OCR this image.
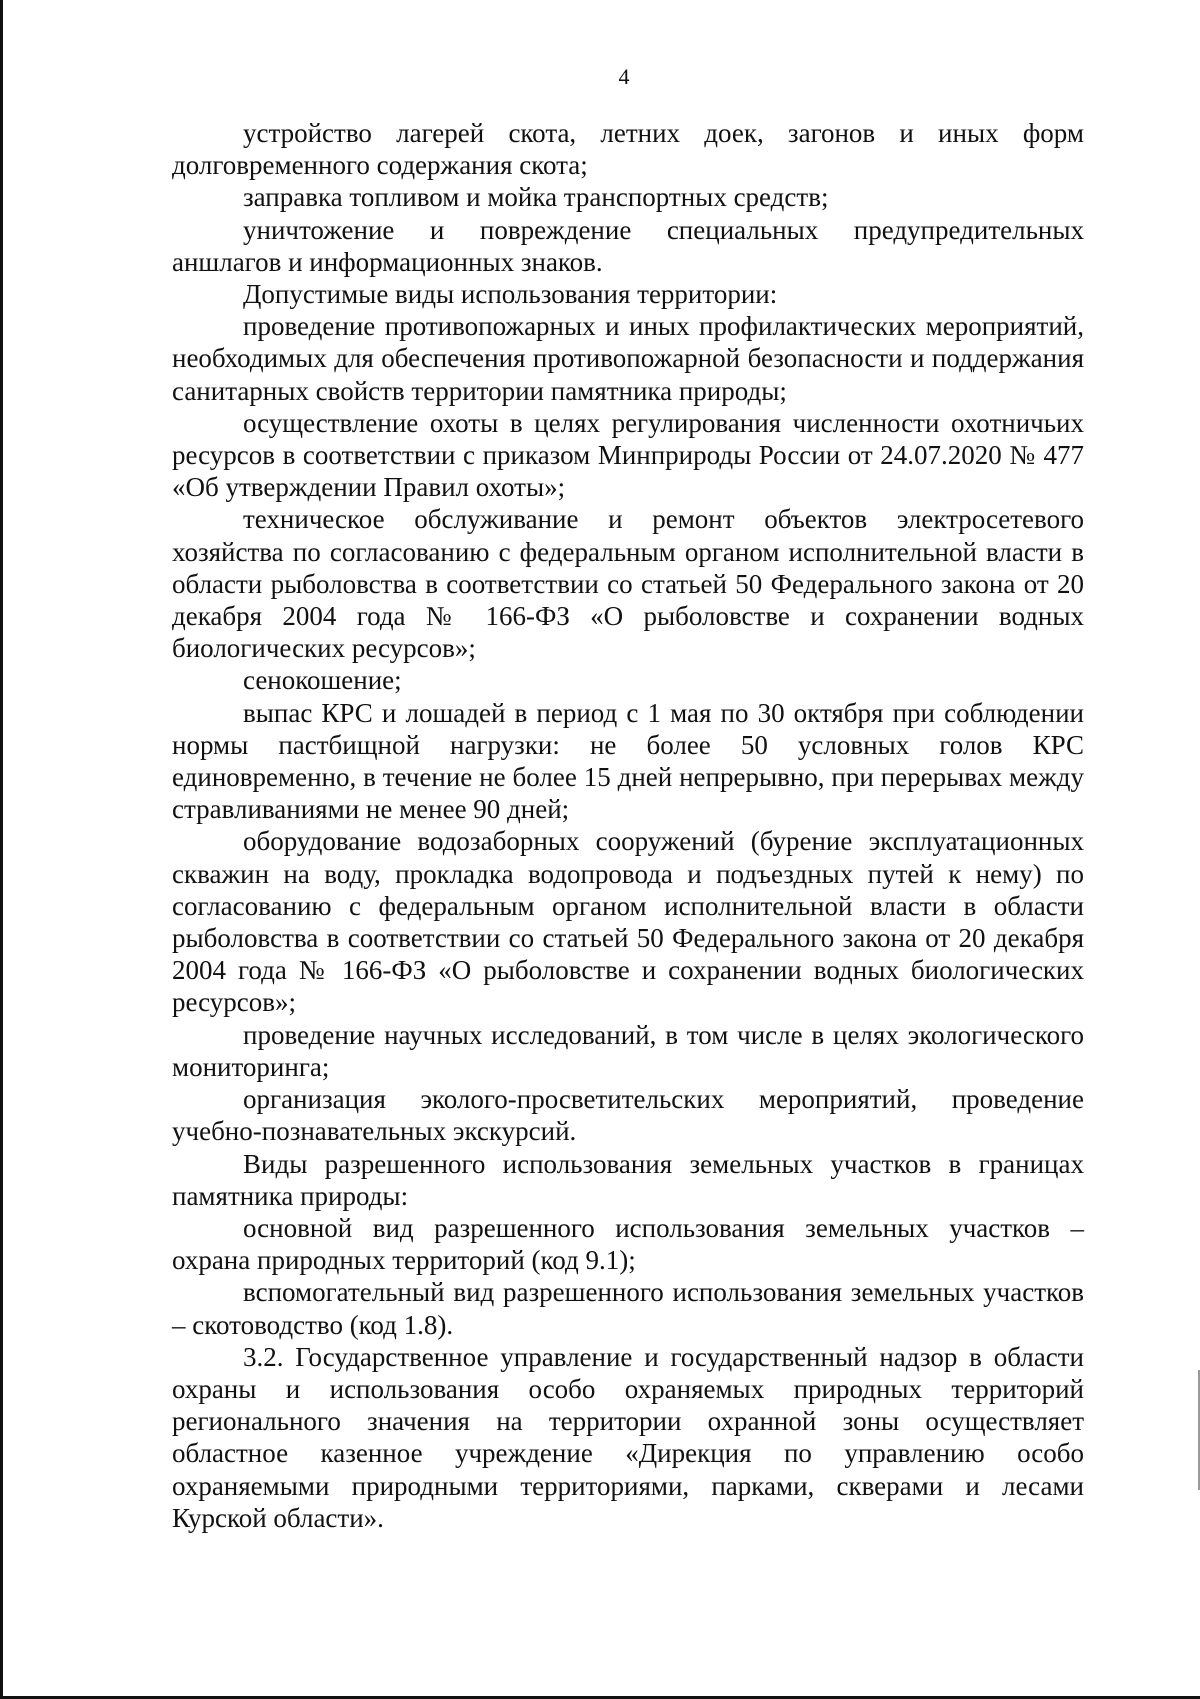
4

устройство лагерей скота, летних доек, загонов и иных форм долговременного содержания скота;

заправка топливом и мойка транспортных средств;

уничтожение и повреждение специальных предупредительных аншлагов и информационных знаков.

Допустимые виды использования территории:

проведение противопожарных и иных профилактических мероприятий, необходимых для обеспечения противопожарной безопасности и поддержания санитарных свойств территории памятника природы;

осуществление охоты в целях регулирования численности охотничьих ресурсов в соответствии с приказом Минприроды России от 24.07.2020 № 477 «Об утверждении Правил охоты»;

техническое обслуживание и ремонт объектов электросетевого хозяйства по согласованию с федеральным органом исполнительной власти в области рыболовства в соответствии со статьей 50 Федерального закона от 20 декабря 2004 года № 166-ФЗ «О рыболовстве и сохранении водных биологических ресурсов»;

сенокошение;

выпас КРС и лошадей в период с 1 мая по 30 октября при соблюдении нормы пастбищной нагрузки: не более 50 условных голов КРС единовременно, в течение не более 15 дней непрерывно, при перерывах между стравливаниями не менее 90 дней;

оборудование водозаборных сооружений (бурение эксплуатационных скважин на воду, прокладка водопровода и подъездных путей к нему) по согласованию с федеральным органом исполнительной власти в области рыболовства в соответствии со статьей 50 Федерального закона от 20 декабря 2004 года № 166-ФЗ «О рыболовстве и сохранении водных биологических ресурсов»;

проведение научных исследований, в том числе в целях экологического мониторинга;

организация эколого-просветительских мероприятий, проведение учебно-познавательных экскурсий.

Виды разрешенного использования земельных участков в границах памятника природы:

основной вид разрешенного использования земельных участков – охрана природных территорий (код 9.1);

вспомогательный вид разрешенного использования земельных участков – скотоводство (код 1.8).

3.2. Государственное управление и государственный надзор в области охраны и использования особо охраняемых природных территорий регионального значения на территории охранной зоны осуществляет областное казенное учреждение «Дирекция по управлению особо охраняемыми природными территориями, парками, скверами и лесами Курской области».
